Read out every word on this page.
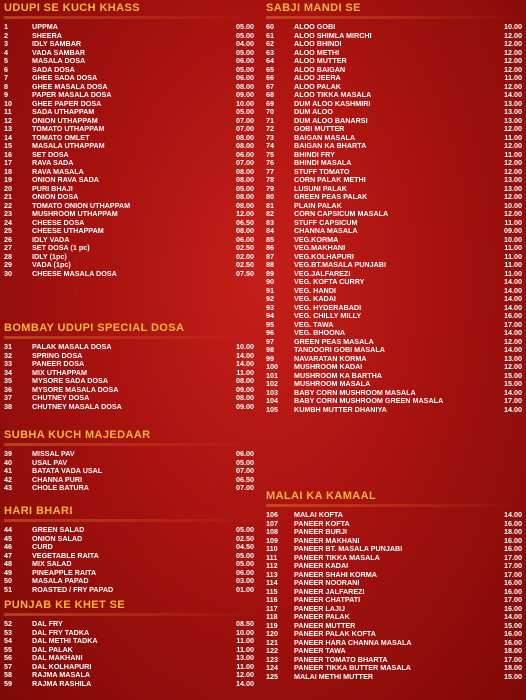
UDUPI SE KUCH KHASS
1	UPPMA	05.00
2	SHEERA	05.00
3	IDLY SAMBAR	04.00
4	VADA SAMBAR	05.00
5	MASALA DOSA	06.00
6	SADA DOSA	05.00
7	GHEE SADA DOSA	06.00
8	GHEE MASALA DOSA	08.00
9	PAPER MASALA DOSA	09.00
10	GHEE PAPER DOSA	10.00
11	SADA UTHAPPAM	05.00
12	ONION UTHAPPAM	07.00
13	TOMATO UTHAPPAM	07.00
14	TOMATO OMLET	08.00
15	MASALA UTHAPPAM	08.00
16	SET DOSA	06.00
17	RAVA SADA	07.00
18	RAVA MASALA	08.00
19	ONION RAVA SADA	08.00
20	PURI BHAJI	05.00
21	ONION DOSA	08.00
22	TOMATO ONION UTHAPPAM	08.00
23	MUSHROOM UTHAPPAM	12.00
24	CHEESE DOSA	06.50
25	CHEESE UTHAPPAM	08.00
26	IDLY VADA	06.00
27	SET DOSA (1 pc)	02.50
28	IDLY (1pc)	02.00
29	VADA (1pc)	02.50
30	CHEESE MASALA DOSA	07.50
BOMBAY UDUPI SPECIAL DOSA
31	PALAK MASALA DOSA	10.00
32	SPRING DOSA	14.00
33	PANEER DOSA	14.00
34	MIX UTHAPPAM	11.00
35	MYSORE SADA DOSA	08.00
36	MYSORE MASALA DOSA	09.00
37	CHUTNEY DOSA	08.00
38	CHUTNEY MASALA DOSA	09.00
SUBHA KUCH MAJEDAAR
39	MISSAL PAV	06.00
40	USAL PAV	05.00
41	BATATA VADA USAL	07.00
42	CHANNA PURI	06.50
43	CHOLE BATURA	07.00
HARI BHARI
44	GREEN SALAD	05.00
45	ONION SALAD	02.50
46	CURD	04.50
47	VEGETABLE RAITA	05.00
48	MIX SALAD	05.00
49	PINEAPPLE RAITA	06.00
50	MASALA PAPAD	03.00
51	ROASTED / FRY PAPAD	01.00
PUNJAB KE KHET SE
52	DAL FRY	08.50
53	DAL FRY TADKA	10.00
54	DAL METHI TADKA	11.00
55	DAL PALAK	11.00
56	DAL MAKHANI	13.00
57	DAL KOLHAPURI	11.00
58	RAJMA MASALA	12.00
59	RAJMA RASHILA	14.00
SABJI MANDI SE
60	ALOO GOBI	10.00
61	ALOO SHIMLA MIRCHI	12.00
62	ALOO BHINDI	12.00
63	ALOO METHI	12.00
64	ALOO MUTTER	12.00
65	ALOO BAIGAN	12.00
66	ALOO JEERA	11.00
67	ALOO PALAK	12.00
68	ALOO TIKKA MASALA	14.00
69	DUM ALOO KASHMIRI	13.00
70	DUM ALOO	13.00
71	DUM ALOO BANARSI	13.00
72	GOBI MUTTER	12.00
73	BAIGAN MASALA	11.00
74	BAIGAN KA BHARTA	12.00
75	BHINDI FRY	11.00
76	BHINDI MASALA	12.00
77	STUFF TOMATO	12.00
78	CORN PALAK METHI	13.00
79	LUSUNI PALAK	13.00
80	GREEN PEAS PALAK	12.00
81	PLAIN PALAK	10.00
82	CORN CAPSICUM MASALA	12.00
83	STUFF CAPSICUM	11.00
84	CHANNA MASALA	09.00
85	VEG.KORMA	10.00
86	VEG.MAKHANI	11.00
87	VEG.KOLHAPURI	11.00
88	VEG.BT.MASALA PUNJABI	11.00
89	VEG.JALFAREZI	11.00
90	VEG. KOFTA CURRY	14.00
91	VEG. HANDI	14.00
92	VEG. KADAI	14.00
93	VEG. HYDERABADI	14.00
94	VEG. CHILLY MILLY	16.00
95	VEG. TAWA	17.00
96	VEG. BHOONA	14.00
97	GREEN PEAS MASALA	12.00
98	TANDOORI GOBI MASALA	14.00
99	NAVARATAN KORMA	13.00
100	MUSHROOM KADAI	12.00
101	MUSHROOM KA BARTHA	15.00
102	MUSHROOM MASALA	15.00
103	BABY CORN MUSHROOM MASALA	14.00
104	BABY CORN MUSHROOM GREEN MASALA	17.00
105	KUMBH MUTTER DHANIYA	14.00
MALAI KA KAMAAL
106	MALAI KOFTA	14.00
107	PANEER KOFTA	16.00
108	PANEER BURJI	18.00
109	PANEER MAKHANI	16.00
110	PANEER BT. MASALA PUNJABI	16.00
111	PANEER TIKKA MASALA	17.00
112	PANEER KADAI	17.00
113	PANEER SHAHI KORMA	17.00
114	PANEER NOORANI	16.00
115	PANEER JALFAREZI	16.00
116	PANEER CHATPATI	17.00
117	PANEER LAJIJ	16.00
118	PANEER PALAK	14.00
119	PANEER MUTTER	15.00
120	PANEER PALAK KOFTA	16.00
121	PANEER HARA CHANNA MASALA	16.00
122	PANEER TAWA	18.00
123	PANEER TOMATO BHARTA	17.00
124	PANEER TIKKA BUTTER MASALA	18.00
125	MALAI METHI MUTTER	15.00
